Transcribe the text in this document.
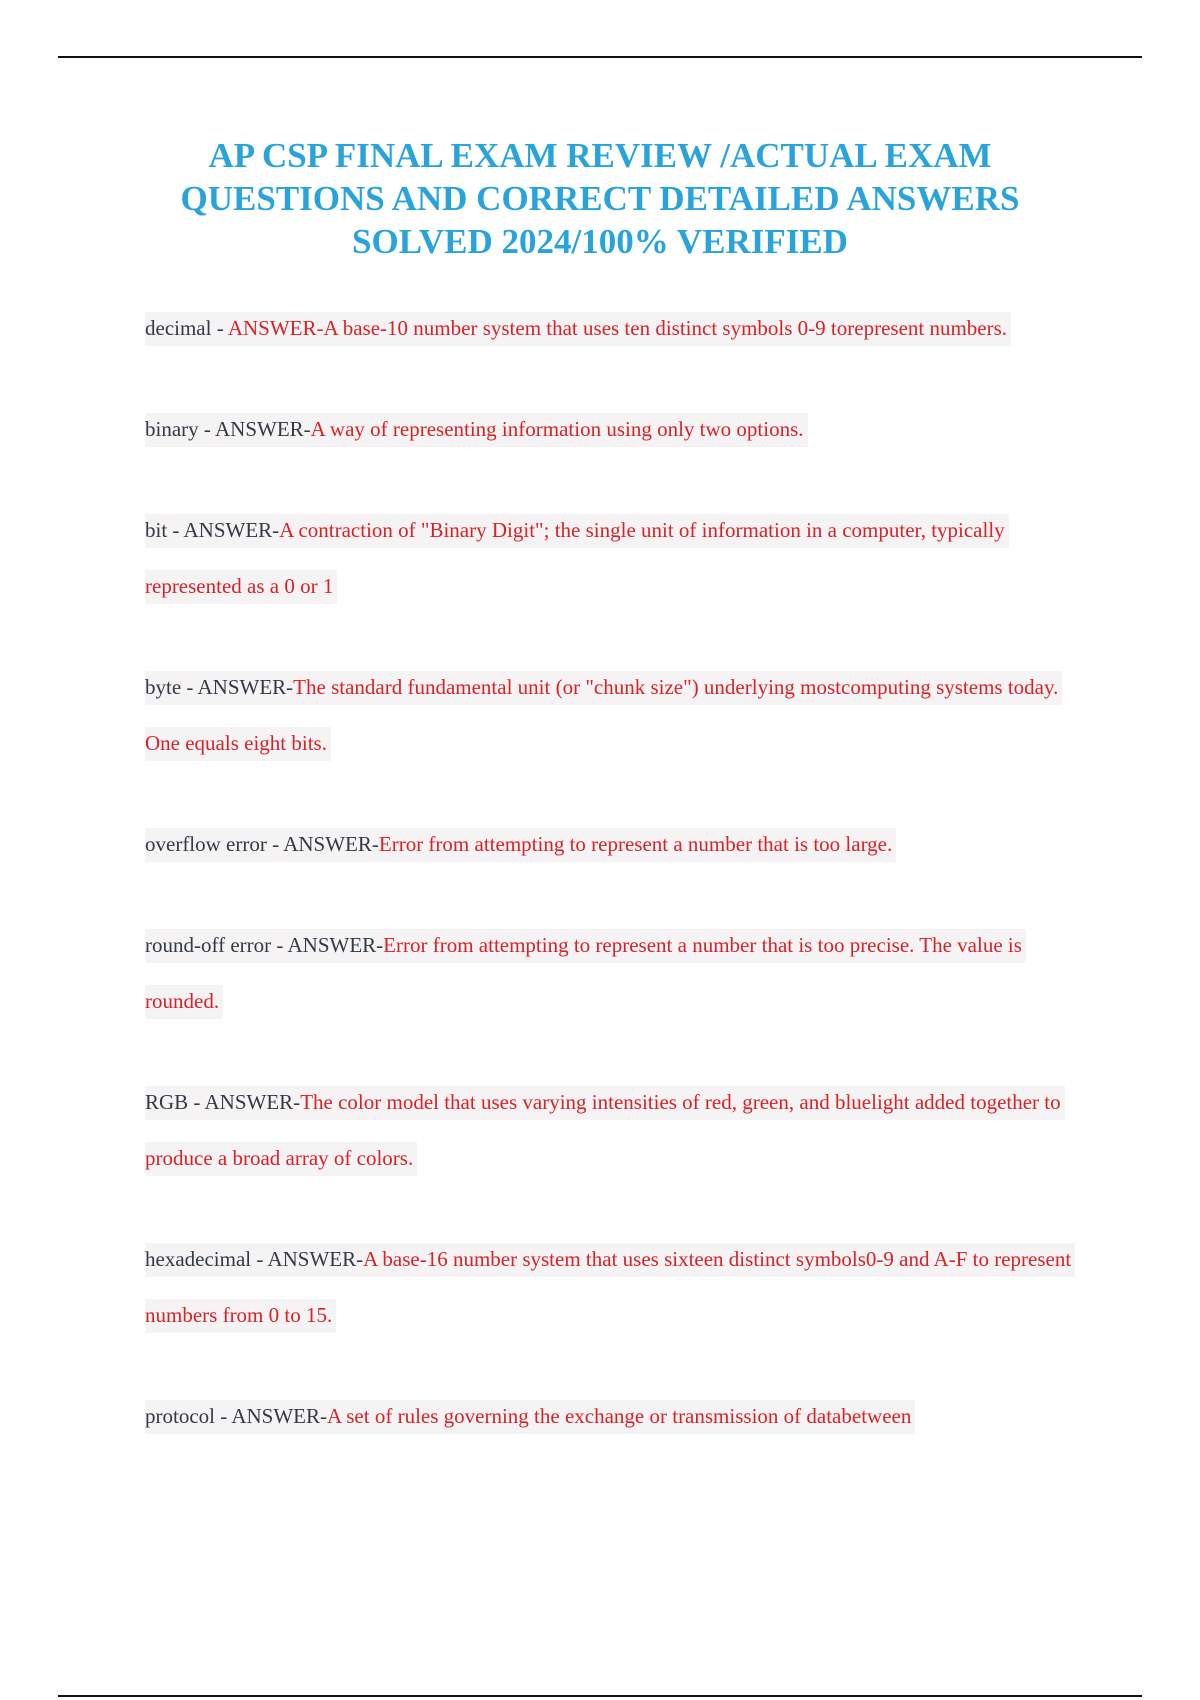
AP CSP FINAL EXAM REVIEW /ACTUAL EXAM
QUESTIONS AND CORRECT DETAILED ANSWERS
SOLVED 2024/100% VERIFIED

decimal - ANSWER-A base-10 number system that uses ten distinct symbols 0-9 torepresent numbers.

binary - ANSWER-A way of representing information using only two options.

bit - ANSWER-A contraction of "Binary Digit"; the single unit of information in a computer, typically represented as a 0 or 1

byte - ANSWER-The standard fundamental unit (or "chunk size") underlying mostcomputing systems today. One equals eight bits.

overflow error - ANSWER-Error from attempting to represent a number that is too large.

round-off error - ANSWER-Error from attempting to represent a number that is too precise. The value is rounded.

RGB - ANSWER-The color model that uses varying intensities of red, green, and bluelight added together to produce a broad array of colors.

hexadecimal - ANSWER-A base-16 number system that uses sixteen distinct symbols0-9 and A-F to represent numbers from 0 to 15.

protocol - ANSWER-A set of rules governing the exchange or transmission of databetween
